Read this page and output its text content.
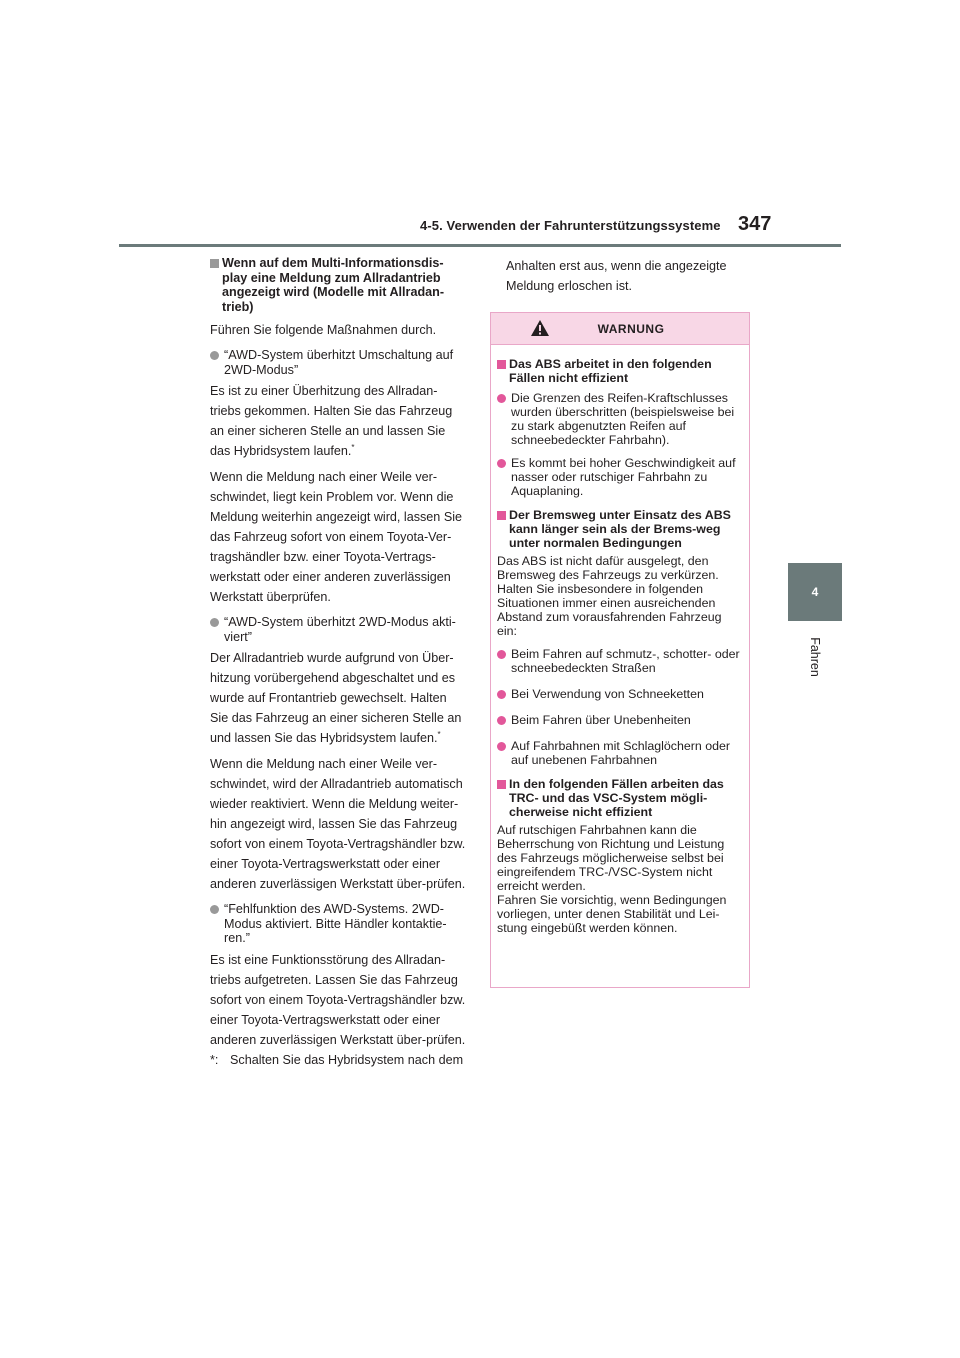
4-5. Verwenden der Fahrunterstützungssysteme 347
4
Fahren
Wenn auf dem Multi-Informationsdis-play eine Meldung zum Allradantrieb angezeigt wird (Modelle mit Allradan-trieb)

Führen Sie folgende Maßnahmen durch.

“AWD-System überhitzt Umschaltung auf 2WD-Modus”

Es ist zu einer Überhitzung des Allradan-triebs gekommen. Halten Sie das Fahrzeug an einer sicheren Stelle an und lassen Sie das Hybridsystem laufen.*

Wenn die Meldung nach einer Weile ver-schwindet, liegt kein Problem vor. Wenn die Meldung weiterhin angezeigt wird, lassen Sie das Fahrzeug sofort von einem Toyota-Ver-tragshändler bzw. einer Toyota-Vertrags-werkstatt oder einer anderen zuverlässigen Werkstatt überprüfen.

“AWD-System überhitzt 2WD-Modus akti-viert”

Der Allradantrieb wurde aufgrund von Über-hitzung vorübergehend abgeschaltet und es wurde auf Frontantrieb gewechselt. Halten Sie das Fahrzeug an einer sicheren Stelle an und lassen Sie das Hybridsystem laufen.*

Wenn die Meldung nach einer Weile ver-schwindet, wird der Allradantrieb automatisch wieder reaktiviert. Wenn die Meldung weiter-hin angezeigt wird, lassen Sie das Fahrzeug sofort von einem Toyota-Vertragshändler bzw. einer Toyota-Vertragswerkstatt oder einer anderen zuverlässigen Werkstatt über-prüfen.

“Fehlfunktion des AWD-Systems. 2WD-Modus aktiviert. Bitte Händler kontaktie-ren.”

Es ist eine Funktionsstörung des Allradan-triebs aufgetreten. Lassen Sie das Fahrzeug sofort von einem Toyota-Vertragshändler bzw. einer Toyota-Vertragswerkstatt oder einer anderen zuverlässigen Werkstatt über-prüfen.

*: Schalten Sie das Hybridsystem nach dem

Anhalten erst aus, wenn die angezeigte Meldung erloschen ist.

WARNUNG
Das ABS arbeitet in den folgenden Fällen nicht effizient
Die Grenzen des Reifen-Kraftschlusses wurden überschritten (beispielsweise bei zu stark abgenutzten Reifen auf schneebedeckter Fahrbahn).
Es kommt bei hoher Geschwindigkeit auf nasser oder rutschiger Fahrbahn zu Aquaplaning.
Der Bremsweg unter Einsatz des ABS kann länger sein als der Brems-weg unter normalen Bedingungen
Das ABS ist nicht dafür ausgelegt, den Bremsweg des Fahrzeugs zu verkürzen. Halten Sie insbesondere in folgenden Situationen immer einen ausreichenden Abstand zum vorausfahrenden Fahrzeug ein:
Beim Fahren auf schmutz-, schotter- oder schneebedeckten Straßen
Bei Verwendung von Schneeketten
Beim Fahren über Unebenheiten
Auf Fahrbahnen mit Schlaglöchern oder auf unebenen Fahrbahnen
In den folgenden Fällen arbeiten das TRC- und das VSC-System mögli-cherweise nicht effizient
Auf rutschigen Fahrbahnen kann die Beherrschung von Richtung und Leistung des Fahrzeugs möglicherweise selbst bei eingreifendem TRC-/VSC-System nicht erreicht werden.
Fahren Sie vorsichtig, wenn Bedingungen vorliegen, unter denen Stabilität und Lei-stung eingebüßt werden können.
